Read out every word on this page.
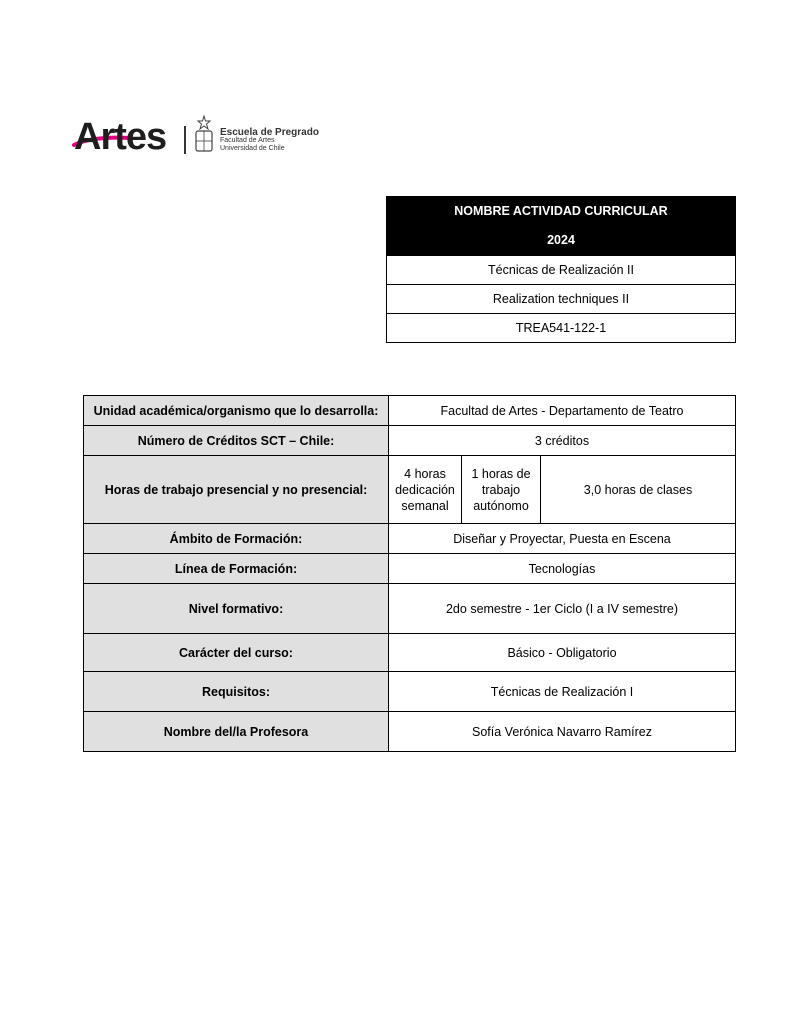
Artes	Escuela de Pregrado
Facultad de Artes
Universidad de Chile
NOMBRE ACTIVIDAD CURRICULAR
2024

Técnicas de Realización II
Realization techniques II
TREA541-122-1
Unidad académica/organismo que lo desarrolla:	Facultad de Artes - Departamento de Teatro		
Número de Créditos SCT – Chile:	3 créditos		
Horas de trabajo presencial y no presencial:	4 horas dedicación semanal	1 horas de trabajo autónomo	3,0 horas de clases
Ámbito de Formación:	Diseñar y Proyectar, Puesta en Escena		
Línea de Formación:	Tecnologías		
Nivel formativo:	2do semestre - 1er Ciclo (I a IV semestre)		
Carácter del curso:	Básico - Obligatorio		
Requisitos:	Técnicas de Realización I		
Nombre del/la Profesora	Sofía Verónica Navarro Ramírez		
